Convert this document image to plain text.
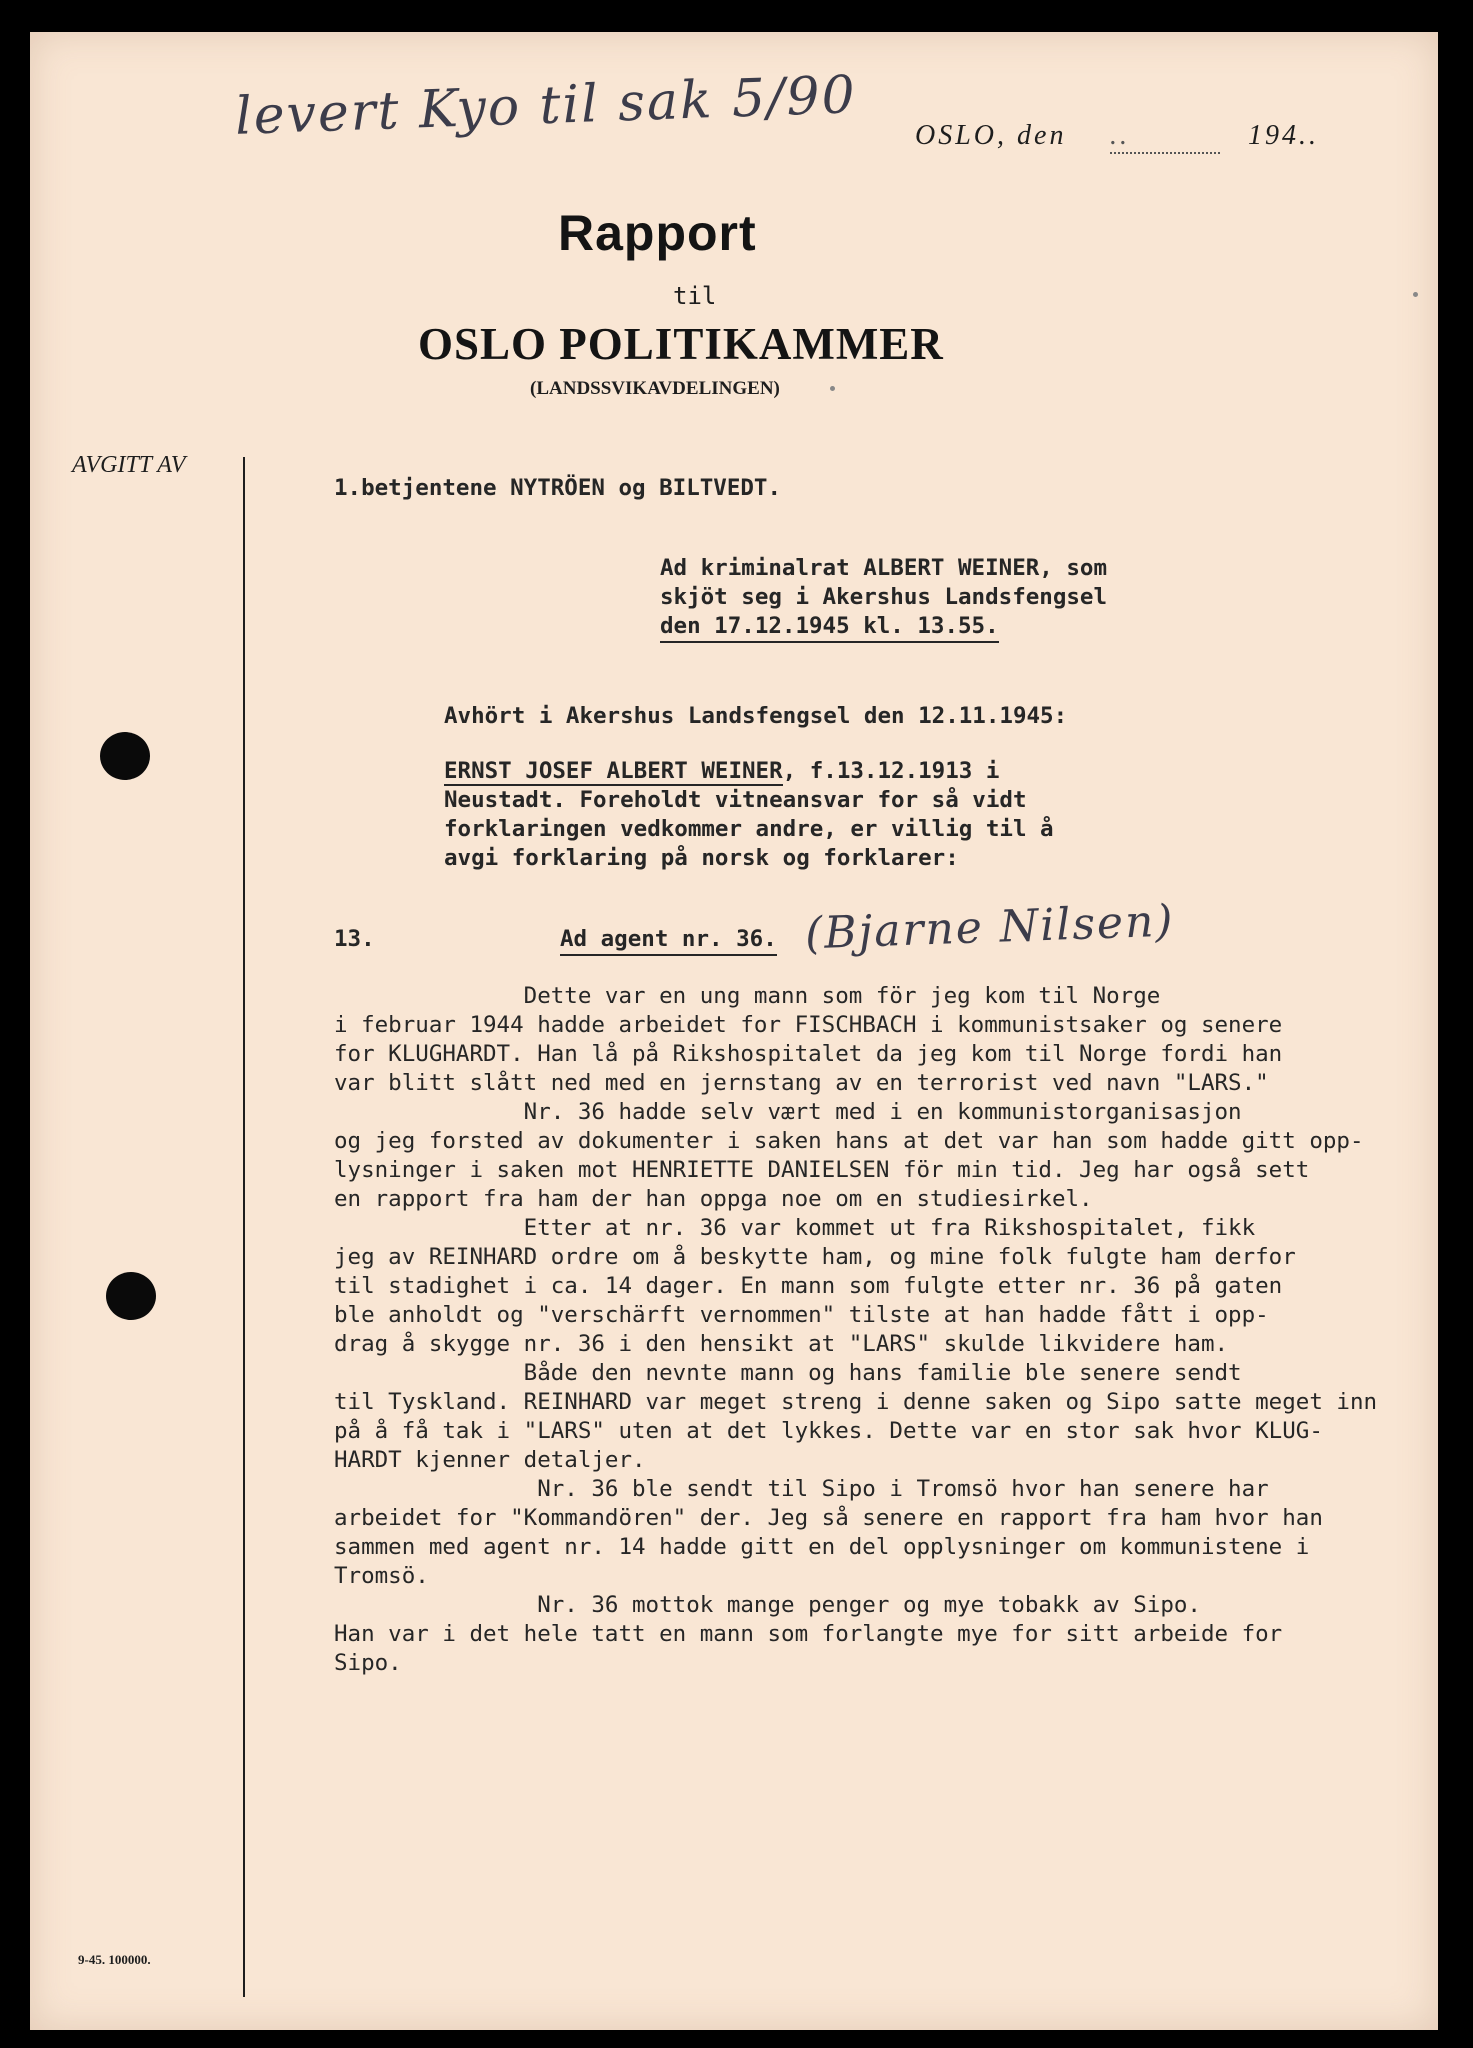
levert Kyo til sak 5/90 OSLO, den ..	194..
Rapport
til
OSLO POLITIKAMMER
(LANDSSVIKAVDELINGEN)
AVGITT AV
1.betjentene NYTRÖEN og BILTVEDT.
Ad kriminalrat ALBERT WEINER, som
skjöt seg i Akershus Landsfengsel
den 17.12.1945 kl. 13.55.
Avhört i Akershus Landsfengsel den 12.11.1945:
ERNST JOSEF ALBERT WEINER, f.13.12.1913 i
Neustadt. Foreholdt vitneansvar for så vidt
forklaringen vedkommer andre, er villig til å
avgi forklaring på norsk og forklarer:
13.	Ad agent nr. 36. (Bjarne Nilsen)
Dette var en ung mann som för jeg kom til Norge
i februar 1944 hadde arbeidet for FISCHBACH i kommunistsaker og senere
for KLUGHARDT. Han lå på Rikshospitalet da jeg kom til Norge fordi han
var blitt slått ned med en jernstang av en terrorist ved navn "LARS."
Nr. 36 hadde selv vært med i en kommunistorganisasjon
og jeg forsted av dokumenter i saken hans at det var han som hadde gitt opp-
lysninger i saken mot HENRIETTE DANIELSEN för min tid. Jeg har også sett
en rapport fra ham der han oppga noe om en studiesirkel.
Etter at nr. 36 var kommet ut fra Rikshospitalet, fikk
jeg av REINHARD ordre om å beskytte ham, og mine folk fulgte ham derfor
til stadighet i ca. 14 dager. En mann som fulgte etter nr. 36 på gaten
ble anholdt og "verschärft vernommen" tilste at han hadde fått i opp-
drag å skygge nr. 36 i den hensikt at "LARS" skulde likvidere ham.
Både den nevnte mann og hans familie ble senere sendt
til Tyskland. REINHARD var meget streng i denne saken og Sipo satte meget inn
på å få tak i "LARS" uten at det lykkes. Dette var en stor sak hvor KLUG-
HARDT kjenner detaljer.
Nr. 36 ble sendt til Sipo i Tromsö hvor han senere har
arbeidet for "Kommandören" der. Jeg så senere en rapport fra ham hvor han
sammen med agent nr. 14 hadde gitt en del opplysninger om kommunistene i
Tromsö.
Nr. 36 mottok mange penger og mye tobakk av Sipo.
Han var i det hele tatt en mann som forlangte mye for sitt arbeide for
Sipo.
9-45. 100000.
